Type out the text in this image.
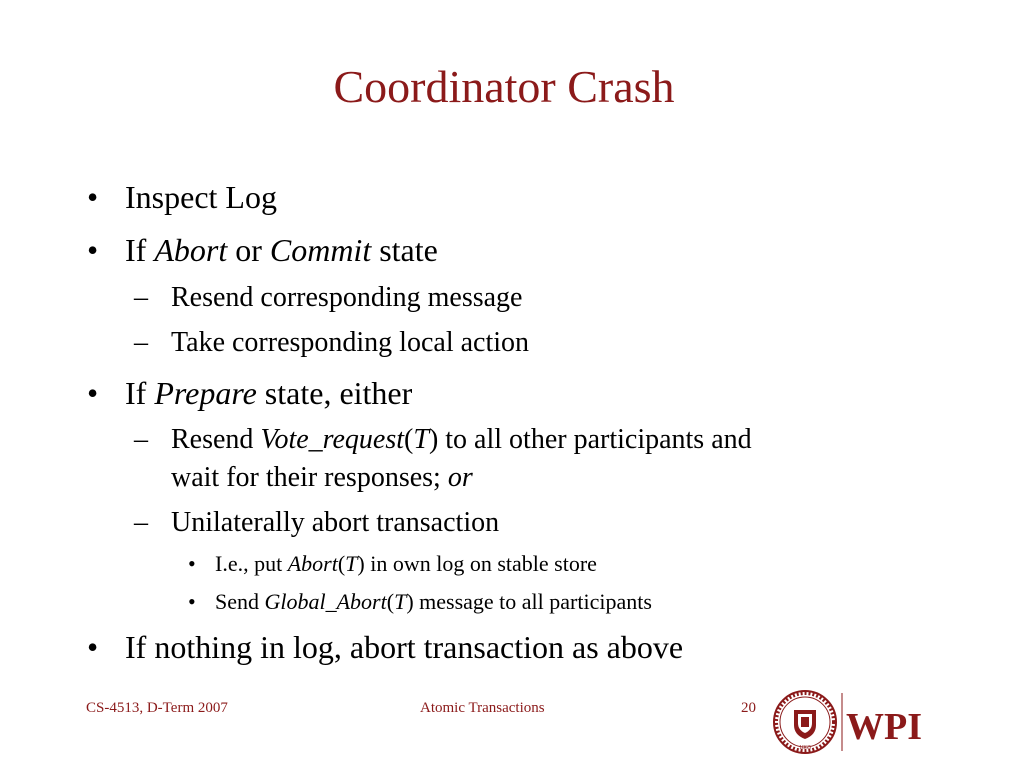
Coordinator Crash
• Inspect Log
• If Abort or Commit state
– Resend corresponding message
– Take corresponding local action
• If Prepare state, either
– Resend Vote_request(T) to all other participants and
wait for their responses; or
– Unilaterally abort transaction
• I.e., put Abort(T) in own log on stable store
• Send Global_Abort(T) message to all participants
• If nothing in log, abort transaction as above
CS-4513, D-Term 2007	Atomic Transactions	20
1865 WPI
